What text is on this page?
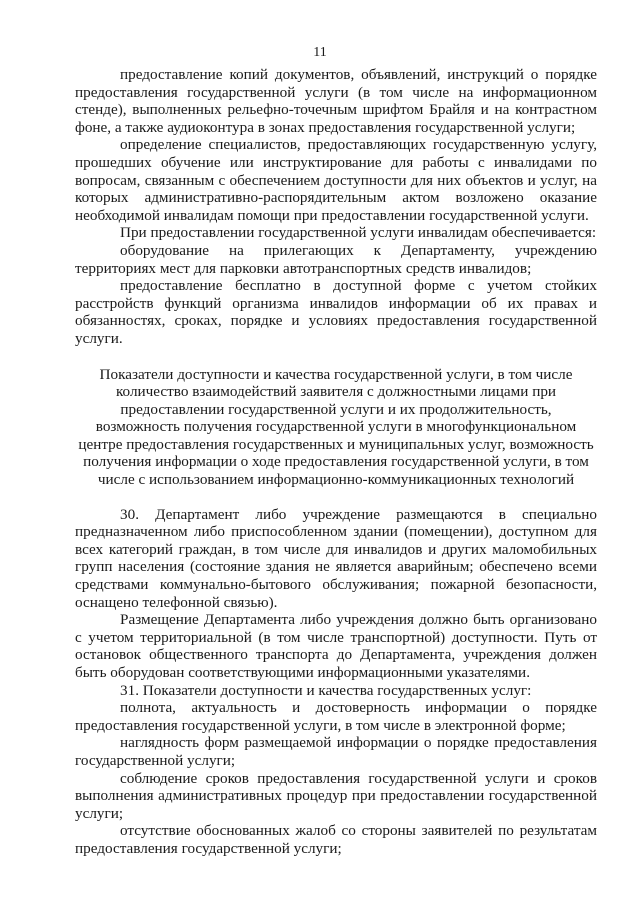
11

предоставление копий документов, объявлений, инструкций о порядке предоставления государственной услуги (в том числе на информационном стенде), выполненных рельефно-точечным шрифтом Брайля и на контрастном фоне, а также аудиоконтура в зонах предоставления государственной услуги;

определение специалистов, предоставляющих государственную услугу, прошедших обучение или инструктирование для работы с инвалидами по вопросам, связанным с обеспечением доступности для них объектов и услуг, на которых административно-распорядительным актом возложено оказание необходимой инвалидам помощи при предоставлении государственной услуги.

При предоставлении государственной услуги инвалидам обеспечивается:

оборудование на прилегающих к Департаменту, учреждению территориях мест для парковки автотранспортных средств инвалидов;

предоставление бесплатно в доступной форме с учетом стойких расстройств функций организма инвалидов информации об их правах и обязанностях, сроках, порядке и условиях предоставления государственной услуги.

Показатели доступности и качества государственной услуги, в том числе количество взаимодействий заявителя с должностными лицами при предоставлении государственной услуги и их продолжительность, возможность получения государственной услуги в многофункциональном центре предоставления государственных и муниципальных услуг, возможность получения информации о ходе предоставления государственной услуги, в том числе с использованием информационно-коммуникационных технологий

30. Департамент либо учреждение размещаются в специально предназначенном либо приспособленном здании (помещении), доступном для всех категорий граждан, в том числе для инвалидов и других маломобильных групп населения (состояние здания не является аварийным; обеспечено всеми средствами коммунально-бытового обслуживания; пожарной безопасности, оснащено телефонной связью).

Размещение Департамента либо учреждения должно быть организовано с учетом территориальной (в том числе транспортной) доступности. Путь от остановок общественного транспорта до Департамента, учреждения должен быть оборудован соответствующими информационными указателями.

31. Показатели доступности и качества государственных услуг:

полнота, актуальность и достоверность информации о порядке предоставления государственной услуги, в том числе в электронной форме;

наглядность форм размещаемой информации о порядке предоставления государственной услуги;

соблюдение сроков предоставления государственной услуги и сроков выполнения административных процедур при предоставлении государственной услуги;

отсутствие обоснованных жалоб со стороны заявителей по результатам предоставления государственной услуги;
